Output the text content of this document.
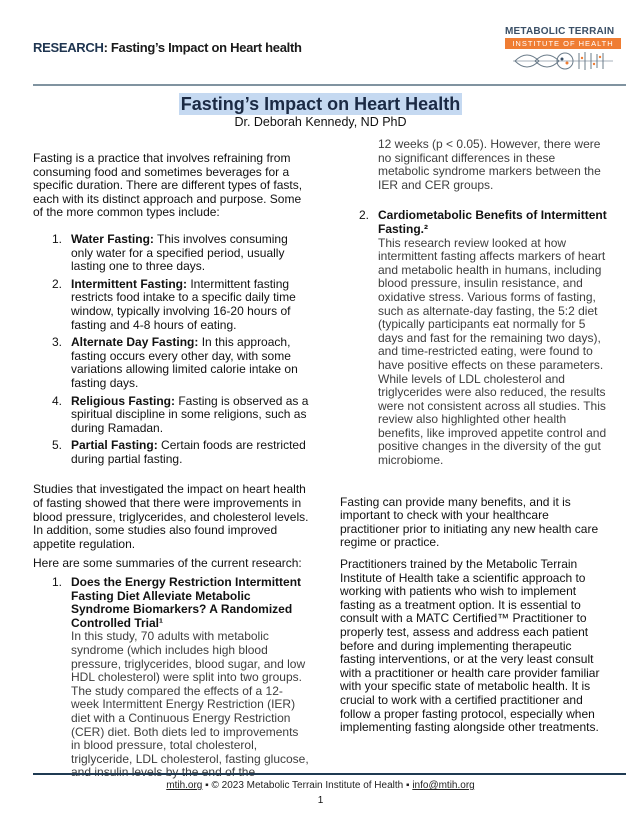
RESEARCH: Fasting’s Impact on Heart health
METABOLIC TERRAIN
INSTITUTE OF HEALTH
Fasting’s Impact on Heart Health
Dr. Deborah Kennedy, ND PhD

Fasting is a practice that involves refraining from consuming food and sometimes beverages for a specific duration. There are different types of fasts, each with its distinct approach and purpose. Some of the more common types include:

1. Water Fasting: This involves consuming only water for a specified period, usually lasting one to three days.
2. Intermittent Fasting: Intermittent fasting restricts food intake to a specific daily time window, typically involving 16-20 hours of fasting and 4-8 hours of eating.
3. Alternate Day Fasting: In this approach, fasting occurs every other day, with some variations allowing limited calorie intake on fasting days.
4. Religious Fasting: Fasting is observed as a spiritual discipline in some religions, such as during Ramadan.
5. Partial Fasting: Certain foods are restricted during partial fasting.

Studies that investigated the impact on heart health of fasting showed that there were improvements in blood pressure, triglycerides, and cholesterol levels. In addition, some studies also found improved appetite regulation.

Here are some summaries of the current research:

1. Does the Energy Restriction Intermittent Fasting Diet Alleviate Metabolic Syndrome Biomarkers? A Randomized Controlled Trial¹
In this study, 70 adults with metabolic syndrome (which includes high blood pressure, triglycerides, blood sugar, and low HDL cholesterol) were split into two groups. The study compared the effects of a 12-week Intermittent Energy Restriction (IER) diet with a Continuous Energy Restriction (CER) diet. Both diets led to improvements in blood pressure, total cholesterol, triglyceride, LDL cholesterol, fasting glucose,
12 weeks (p < 0.05). However, there were no significant differences in these metabolic syndrome markers between the IER and CER groups.
2. Cardiometabolic Benefits of Intermittent Fasting.²
This research review looked at how intermittent fasting affects markers of heart and metabolic health in humans, including blood pressure, insulin resistance, and oxidative stress. Various forms of fasting, such as alternate-day fasting, the 5:2 diet (typically participants eat normally for 5 days and fast for the remaining two days), and time-restricted eating, were found to have positive effects on these parameters. While levels of LDL cholesterol and triglycerides were also reduced, the results were not consistent across all studies. This review also highlighted other health benefits, like improved appetite control and positive changes in the diversity of the gut microbiome.

Fasting can provide many benefits, and it is important to check with your healthcare practitioner prior to initiating any new health care regime or practice.

Practitioners trained by the Metabolic Terrain Institute of Health take a scientific approach to working with patients who wish to implement fasting as a treatment option. It is essential to consult with a MATC Certified™ Practitioner to properly test, assess and address each patient before and during implementing therapeutic fasting interventions, or at the very least consult with a practitioner or health care provider familiar with your specific state of metabolic health. It is crucial to work with a certified practitioner and follow a proper fasting protocol, especially when implementing fasting alongside other treatments.

mtih.org ▪ © 2023 Metabolic Terrain Institute of Health ▪ info@mtih.org
1
